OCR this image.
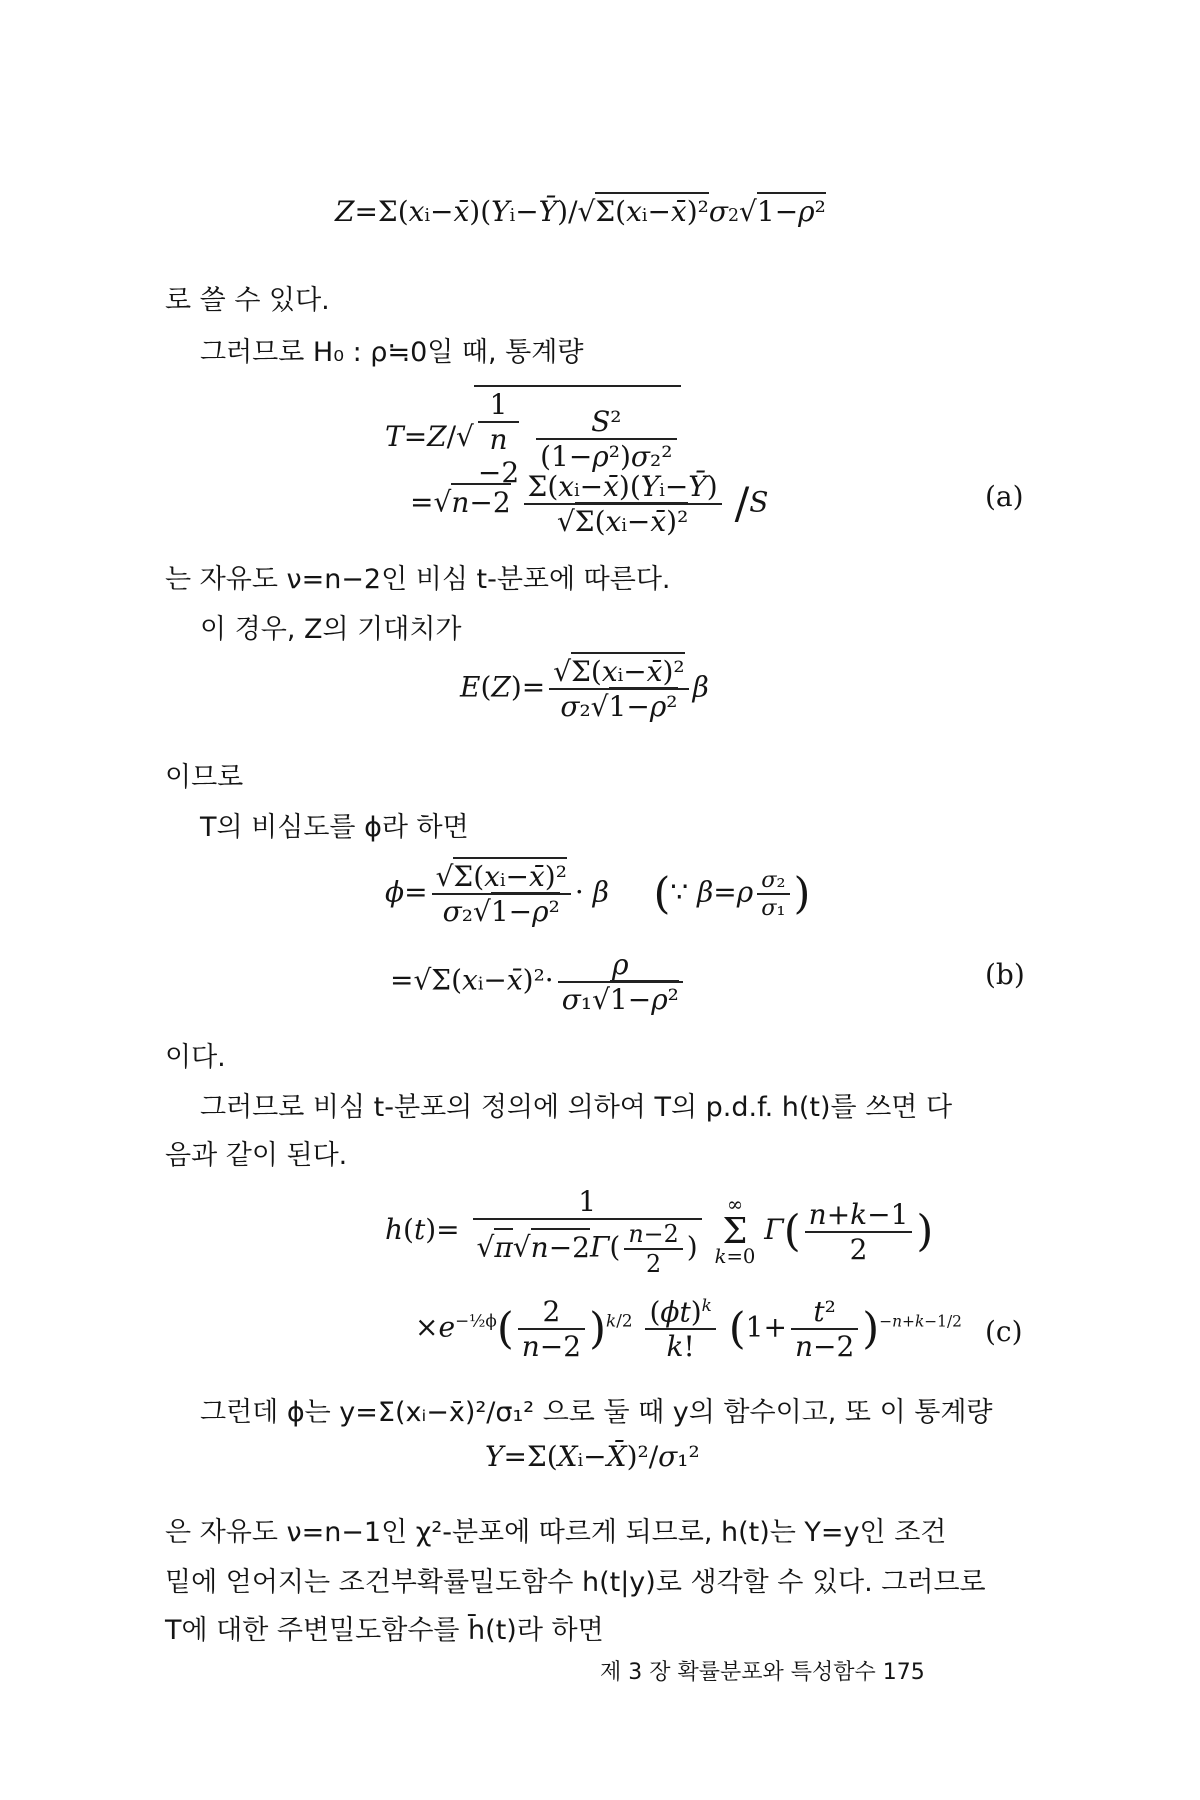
Z=Σ(xi−x̄)(Yi−Ȳ)/√Σ(xi−x̄)²σ2√1−ρ²
로 쓸 수 있다.
그러므로 H₀ : ρ≒0일 때, 통계량
T=Z/√
1
n
$-2 \frac{\text{S²}}{\text{(1−ρ²)σ₂²}}$
$=√n-2 \frac{\Sigma(xi-x̄)(Yi-Ȳ)}{\text{√Σ(xi−x̄)²}} /S$	(a)
는 자유도 ν=n−2인 비심 t-분포에 따른다.
이 경우, Z의 기대치가
$E(Z)= \frac{\text{√Σ(xi−x̄)²}}{\text{σ₂√1−ρ²}}$ β
이므로
T의 비심도를 ϕ라 하면
$\phi= \frac{\text{√Σ(xi−x̄)²}}{\text{σ₂√1−ρ²}} \cdot \beta$ (∵ $\beta=\rho \frac{\text{σ₂}}{\text{σ₁}}$ )
=√Σ(xi−x̄)²· $\frac{\rho}{\text{σ₁√1−ρ²}}$	(b)
이다.
그러므로 비심 t-분포의 정의에 의하여 T의 p.d.f. h(t)를 쓰면 다
음과 같이 된다.
$h(t)= \frac{1}{√\pi√n-2\Gamma( \frac{n-2}{2} )}$ ∞
Σ
k=0 $\Gamma( \frac{n+k-1}{2}$ )
$\times e^{-\frac{1}{2}\phi}( \frac{2}{n-2} )^{k/2} \frac{(\phi t)^k}{k!} (1+ \frac{\text{t²}}{n-2} )^{-n+k-1/2}$ (c)
그런데 ϕ는 y=Σ(xᵢ−x̄)²/σ₁² 으로 둘 때 y의 함수이고, 또 이 통계량
Y=Σ(Xi−X̄)²/σ₁²
은 자유도 ν=n−1인 χ²-분포에 따르게 되므로, h(t)는 Y=y인 조건
밑에 얻어지는 조건부확률밀도함수 h(t|y)로 생각할 수 있다. 그러므로
T에 대한 주변밀도함수를 h̄(t)라 하면
제 3 장 확률분포와 특성함수 175
